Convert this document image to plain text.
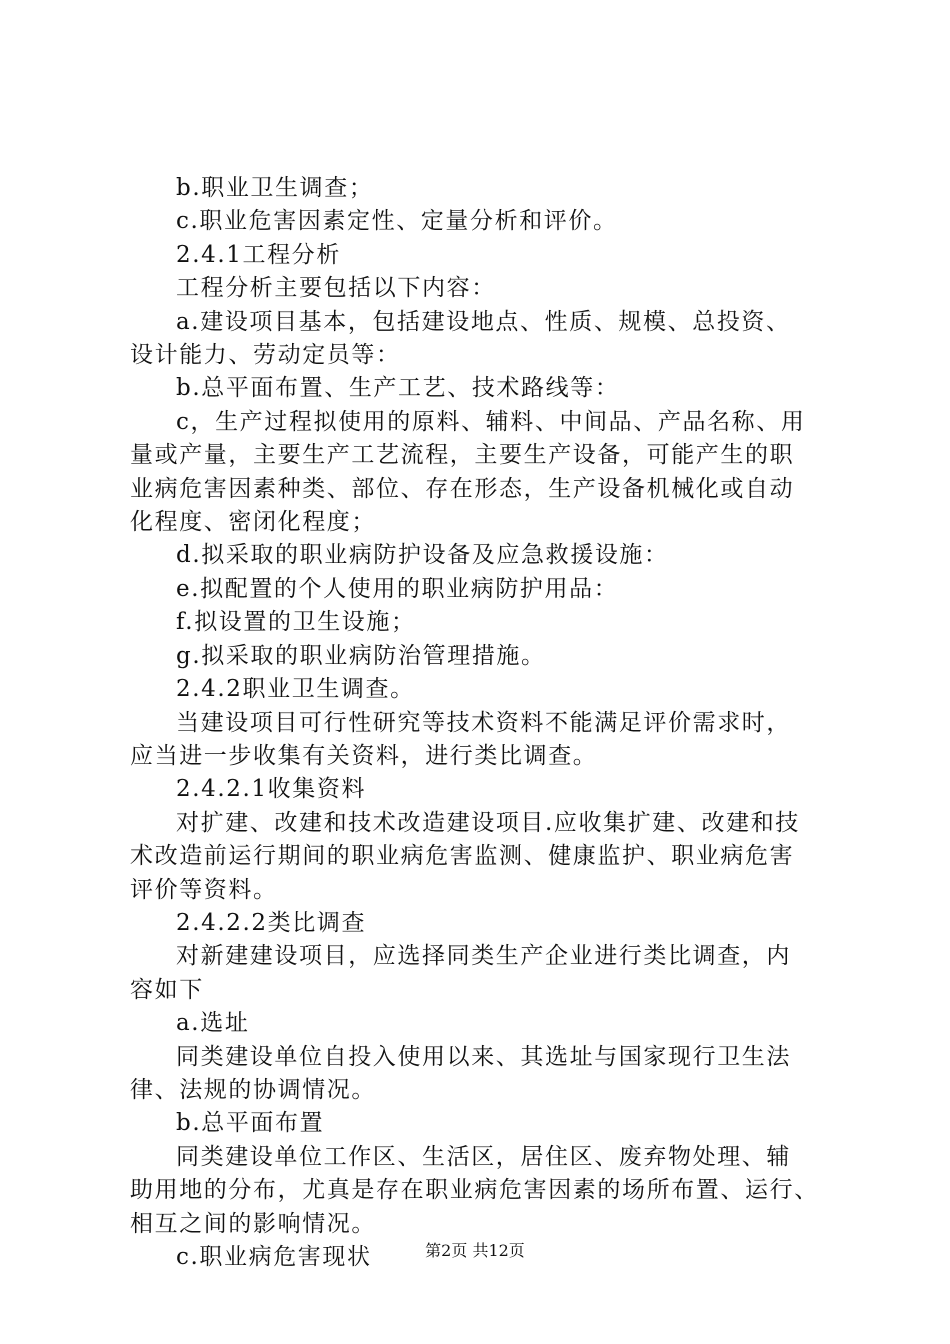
b.职业卫生调查；

c.职业危害因素定性、定量分析和评价。

2.4.1工程分析

工程分析主要包括以下内容：

a.建设项目基本，包括建设地点、性质、规模、总投资、

设计能力、劳动定员等：

b.总平面布置、生产工艺、技术路线等：

c，生产过程拟使用的原料、辅料、中间品、产品名称、用

量或产量，主要生产工艺流程，主要生产设备，可能产生的职

业病危害因素种类、部位、存在形态，生产设备机械化或自动

化程度、密闭化程度；

d.拟采取的职业病防护设备及应急救援设施：

e.拟配置的个人使用的职业病防护用品：

f.拟设置的卫生设施；

g.拟采取的职业病防治管理措施。

2.4.2职业卫生调查。

当建设项目可行性研究等技术资料不能满足评价需求时，

应当进一步收集有关资料，进行类比调查。

2.4.2.1收集资料

对扩建、改建和技术改造建设项目.应收集扩建、改建和技

术改造前运行期间的职业病危害监测、健康监护、职业病危害

评价等资料。

2.4.2.2类比调查

对新建建设项目，应选择同类生产企业进行类比调查，内

容如下

a.选址

同类建设单位自投入使用以来、其选址与国家现行卫生法

律、法规的协调情况。

b.总平面布置

同类建设单位工作区、生活区，居住区、废弃物处理、辅

助用地的分布，尤真是存在职业病危害因素的场所布置、运行、

相互之间的影响情况。

c.职业病危害现状	第2页 共12页
